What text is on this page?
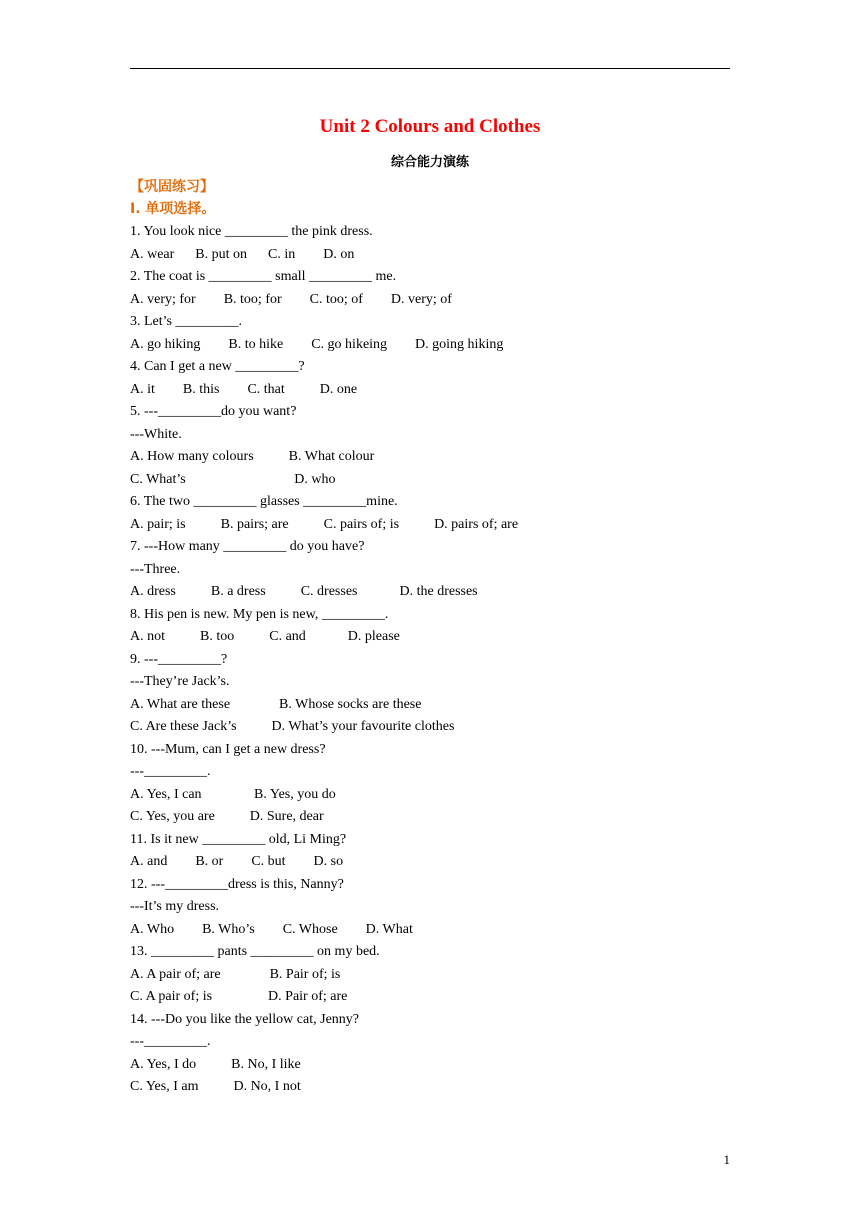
Unit 2 Colours and Clothes
综合能力演练
【巩固练习】
I. 单项选择。
1. You look nice _________ the pink dress.
A. wear      B. put on      C. in        D. on
2. The coat is _________ small _________ me.
A. very; for        B. too; for        C. too; of        D. very; of
3. Let’s _________.
A. go hiking        B. to hike        C. go hikeing        D. going hiking
4. Can I get a new _________?
A. it        B. this        C. that          D. one
5. ---_________do you want?
---White.
A. How many colours          B. What colour
C. What’s                               D. who
6. The two _________ glasses _________mine.
A. pair; is          B. pairs; are          C. pairs of; is          D. pairs of; are
7. ---How many _________ do you have?
---Three.
A. dress          B. a dress          C. dresses            D. the dresses
8. His pen is new. My pen is new, _________.
A. not          B. too          C. and            D. please
9. ---_________?
---They’re Jack’s.
A. What are these              B. Whose socks are these
C. Are these Jack’s          D. What’s your favourite clothes
10. ---Mum, can I get a new dress?
---_________.
A. Yes, I can               B. Yes, you do
C. Yes, you are          D. Sure, dear
11. Is it new _________ old, Li Ming?
A. and        B. or        C. but        D. so
12. ---_________dress is this, Nanny?
---It’s my dress.
A. Who        B. Who’s        C. Whose        D. What
13. _________ pants _________ on my bed.
A. A pair of; are              B. Pair of; is
C. A pair of; is                D. Pair of; are
14. ---Do you like the yellow cat, Jenny?
---_________.
A. Yes, I do          B. No, I like
C. Yes, I am          D. No, I not
1
